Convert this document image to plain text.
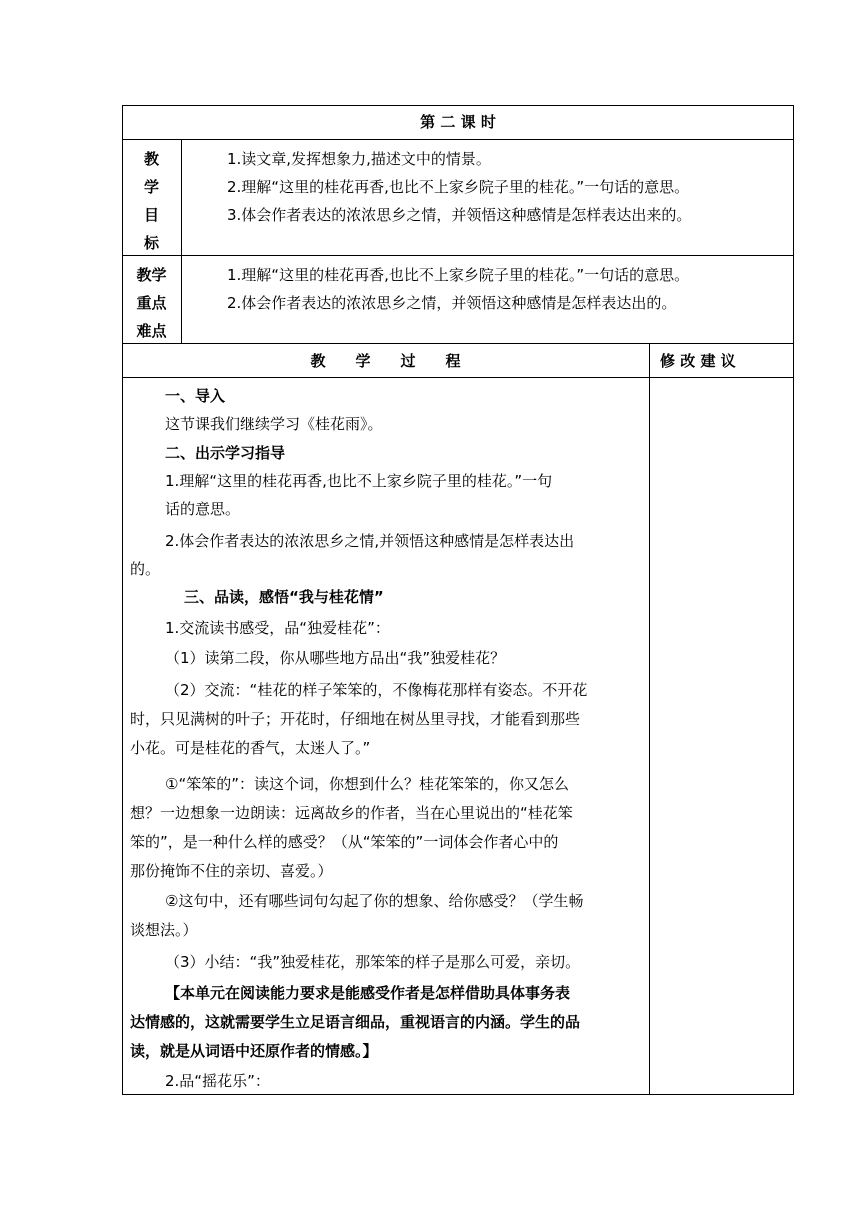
第 二 课 时
教
学
目
标
1.读文章,发挥想象力,描述文中的情景。
2.理解“这里的桂花再香,也比不上家乡院子里的桂花。”一句话的意思。
3.体会作者表达的浓浓思乡之情，并领悟这种感情是怎样表达出来的。
教学
重点
难点
1.理解“这里的桂花再香,也比不上家乡院子里的桂花。”一句话的意思。
2.体会作者表达的浓浓思乡之情，并领悟这种感情是怎样表达出的。
教　　学　　过　　程	修 改 建 议
一、导入
这节课我们继续学习《桂花雨》。
二、出示学习指导
1.理解“这里的桂花再香,也比不上家乡院子里的桂花。”一句
话的意思。
2.体会作者表达的浓浓思乡之情,并领悟这种感情是怎样表达出
的。
三、品读，感悟“我与桂花情”
1.交流读书感受，品“独爱桂花”：
（1）读第二段，你从哪些地方品出“我”独爱桂花？
（2）交流：“桂花的样子笨笨的，不像梅花那样有姿态。不开花
时，只见满树的叶子；开花时，仔细地在树丛里寻找，才能看到那些
小花。可是桂花的香气，太迷人了。”
①“笨笨的”：读这个词，你想到什么？桂花笨笨的，你又怎么
想？一边想象一边朗读：远离故乡的作者，当在心里说出的“桂花笨
笨的”，是一种什么样的感受？（从“笨笨的”一词体会作者心中的
那份掩饰不住的亲切、喜爱。）
②这句中，还有哪些词句勾起了你的想象、给你感受？（学生畅
谈想法。）
（3）小结：“我”独爱桂花，那笨笨的样子是那么可爱，亲切。
【本单元在阅读能力要求是能感受作者是怎样借助具体事务表
达情感的，这就需要学生立足语言细品，重视语言的内涵。学生的品
读，就是从词语中还原作者的情感。】
2.品“摇花乐”：
